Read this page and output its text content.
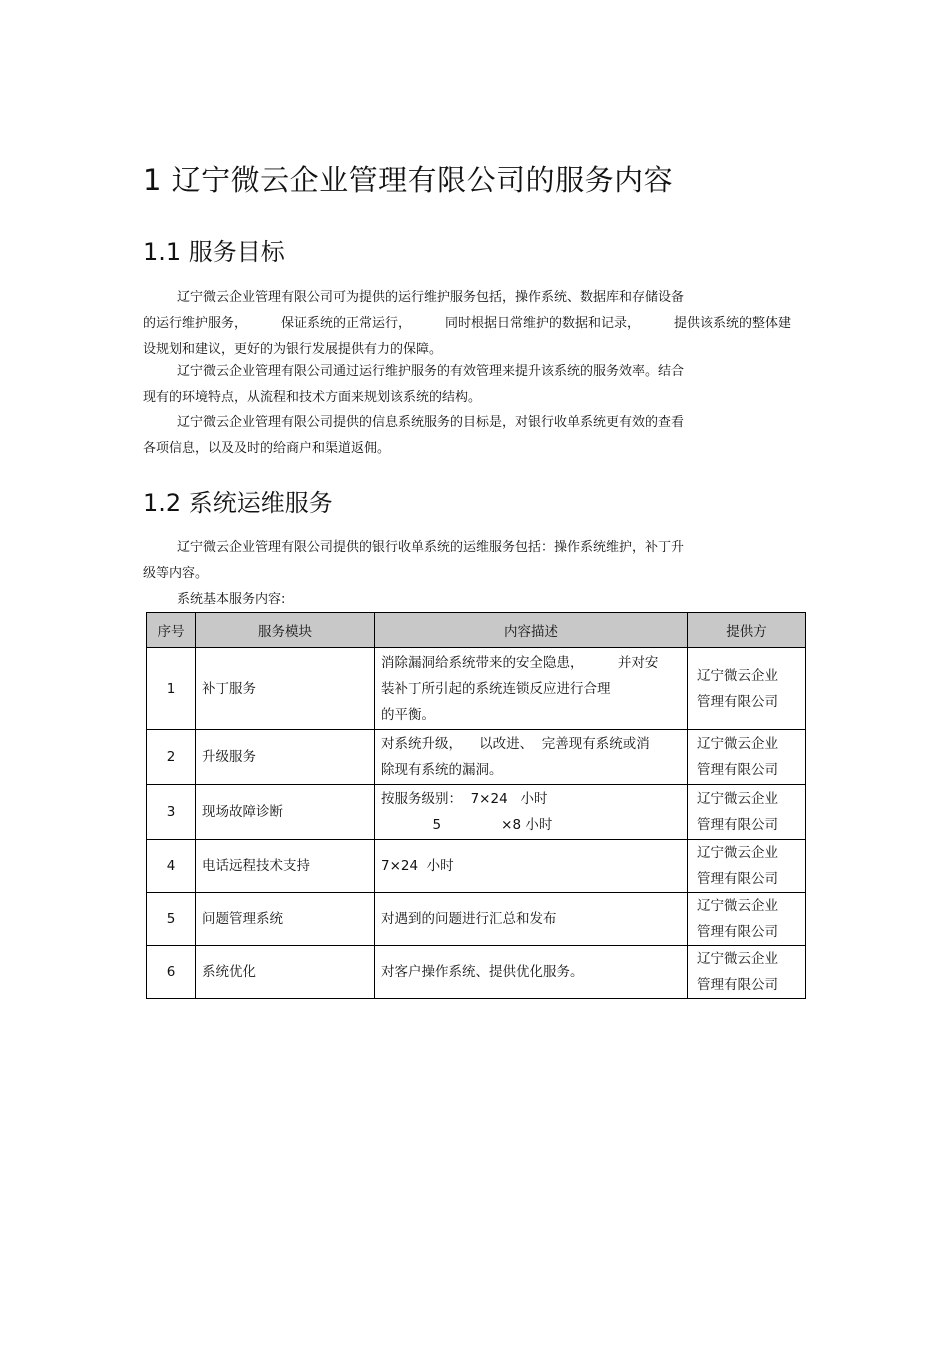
1 辽宁微云企业管理有限公司的服务内容
1.1 服务目标
辽宁微云企业管理有限公司可为提供的运行维护服务包括，操作系统、数据库和存储设备
的运行维护服务，	保证系统的正常运行，	同时根据日常维护的数据和记录，	提供该系统的整体建
设规划和建议，更好的为银行发展提供有力的保障。
辽宁微云企业管理有限公司通过运行维护服务的有效管理来提升该系统的服务效率。结合
现有的环境特点，从流程和技术方面来规划该系统的结构。
辽宁微云企业管理有限公司提供的信息系统服务的目标是，对银行收单系统更有效的查看
各项信息，以及及时的给商户和渠道返佣。
1.2 系统运维服务
辽宁微云企业管理有限公司提供的银行收单系统的运维服务包括：操作系统维护，补丁升
级等内容。
系统基本服务内容:
序号	服务模块	内容描述	提供方
1	补丁服务	消除漏洞给系统带来的安全隐患，        并对安
装补丁所引起的系统连锁反应进行合理
的平衡。	辽宁微云企业
管理有限公司

2	升级服务	对系统升级，    以改进、  完善现有系统或消
除现有系统的漏洞。	辽宁微云企业
管理有限公司

3	现场故障诊断	按服务级别：  7×24   小时
5              ×8 小时	辽宁微云企业
管理有限公司

4	电话远程技术支持	7×24  小时	辽宁微云企业
管理有限公司

5	问题管理系统	对遇到的问题进行汇总和发布	辽宁微云企业
管理有限公司

6	系统优化	对客户操作系统、提供优化服务。	辽宁微云企业
管理有限公司
